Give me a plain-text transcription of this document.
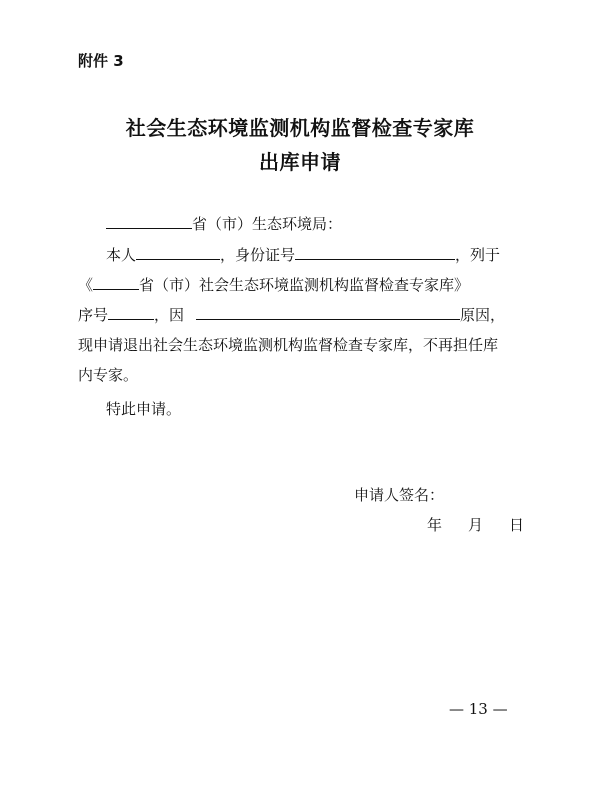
附件 3
社会生态环境监测机构监督检查专家库
出库申请
省（市）生态环境局：
本人	，身份证号	，列于
《	省（市）社会生态环境监测机构监督检查专家库》
序号	，因	原因，
现申请退出社会生态环境监测机构监督检查专家库，不再担任库
内专家。
特此申请。
申请人签名：
年 月 日
— 13 —
